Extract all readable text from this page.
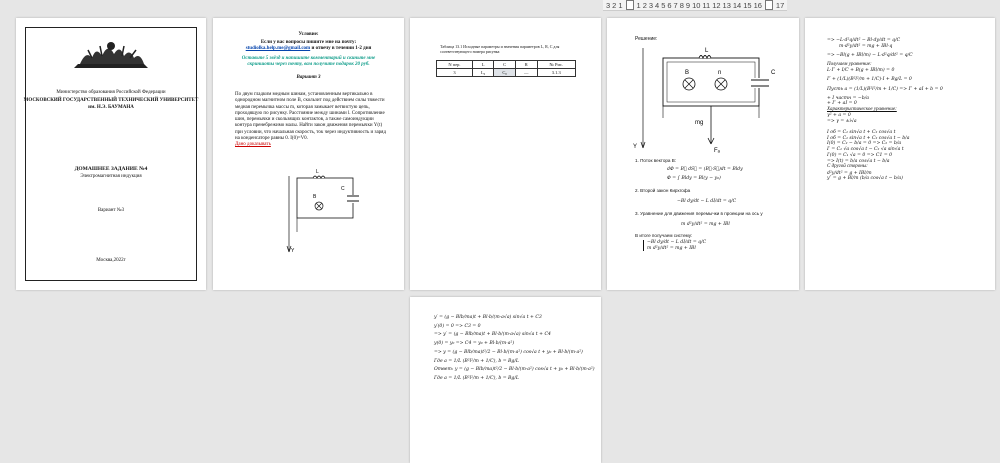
3 2 1 1 2 3 4 5 6 7 8 9 10 11 12 13 14 15 16 17
Министерство образования Российской Федерации
МОСКОВСКИЙ ГОСУДАРСТВЕННЫЙ ТЕХНИЧЕСКИЙ УНИВЕРСИТЕТ
им. Н.Э. БАУМАНА
ДОМАШНЕЕ ЗАДАНИЕ №4
Электромагнитная индукция
Вариант №3
Москва,2022г
Условие:
Если у вас вопросы пишите мне на почту: studiolka.help.me@gmail.com и отвечу в течении 1-2 дня
Оставьте 5 звёзд и напишите комментарий и скиньте мне скриншоты через почту, вам получите подарок 20 руб.
Вариант 3
По двум гладким медным шинам, установленным вертикально в
однородном магнитном поле В, скользит под действием силы тяжести
медная перемычка массы m, которая замыкает ветвистую цепь,
проходящую по рисунку. Расстояние между шинами l. Сопротивление
шин, перемычки и скользящих контактов, а также самоиндукции
контура пренебрежимо малы. Найти закон движения перемычки Y(t)
при условии, что начальная скорость, ток через индуктивность и заряд
на конденсаторе равны 0. I(0)=V0.
Дано доказывать
Y
L
B
C
Таблица 13.1 Исходные параметры и значения параметров L, R, C для соответствующего номера рисунка
N пер.	L	C	R	№ Рис.
3	L₀	C₀	—	3.1.3
Решение:
Y
L
C
B	n
mg
Fₐ
1. Поток вектора B:
dΦ = B⃗ dS⃗ = (B⃗·S⃗)dt = Bldy
Φ = ∫ Bldy = Bl(y − y₀)
2. Второй закон Кирхгофа
−Bl dy/dt − L dI/dt = q/C
3. Уравнение для движения перемычки в проекции на ось y
m d²y/dt² = mg + IBl
В итоге получаем систему:
−Bl dy/dt − L dI/dt = q/C
m d²y/dt² = mg + IBl
=> −L·d²q/dt² − Bl·dy/dt = q/C
m·d²y/dt² = mg + IBl·q
=> −Bl(g + IBl/m) − L·d²q/dt² = q/C
Получаем уравнение:
L·I″ + I/C + B(g + IBl/m) = 0
I″ + (1/L)(B²l²/m + 1/C)·I + Bg/L = 0
Пусть a = (1/L)(B²l²/m + 1/C) => I″ + aI + b = 0
+ I частн = −b/a
+ I″ + aI = 0
Характеристическое уравнение:
γ² + a = 0
=> γ = ±i√a
I об = C₁ sin√a t + C₂ cos√a t
I об = C₁ sin√a t + C₂ cos√a t − b/a
I(0) = C₂ − b/a = 0 => C₂ = b/a
I′ = C₁ √a cos√a t − C₂ √a sin√a t
I′(0) = C₁ √a = 0 => C1 = 0
=> I(t) = b/a cos√a t − b/a
С другой стороны:
d²y/dt² = g + IBl/m
y″ = g + Bl/m (b/a cos√a t − b/a)
y′ = (g − Blb/ma)t + Bl·b/(m·a√a) sin√a t + C3
y′(0) = 0 => C3 = 0
=> y′ = (g − Blb/ma)t + Bl·b/(m·a√a) sin√a t + C4
y(0) = y₀ => C4 = y₀ + Bl·b/(m·a²)
=> y = (g − Blb/ma)t²/2 − Bl·b/(m·a²) cos√a t + y₀ + Bl·b/(m·a²)
Где a = 1/L (B²l²/m + 1/C), b = Bg/L
Ответ: y = (g − Blb/ma)t²/2 − Bl·b/(m·a²) cos√a t + y₀ + Bl·b/(m·a²)
Где a = 1/L (B²l²/m + 1/C), b = Bg/L
